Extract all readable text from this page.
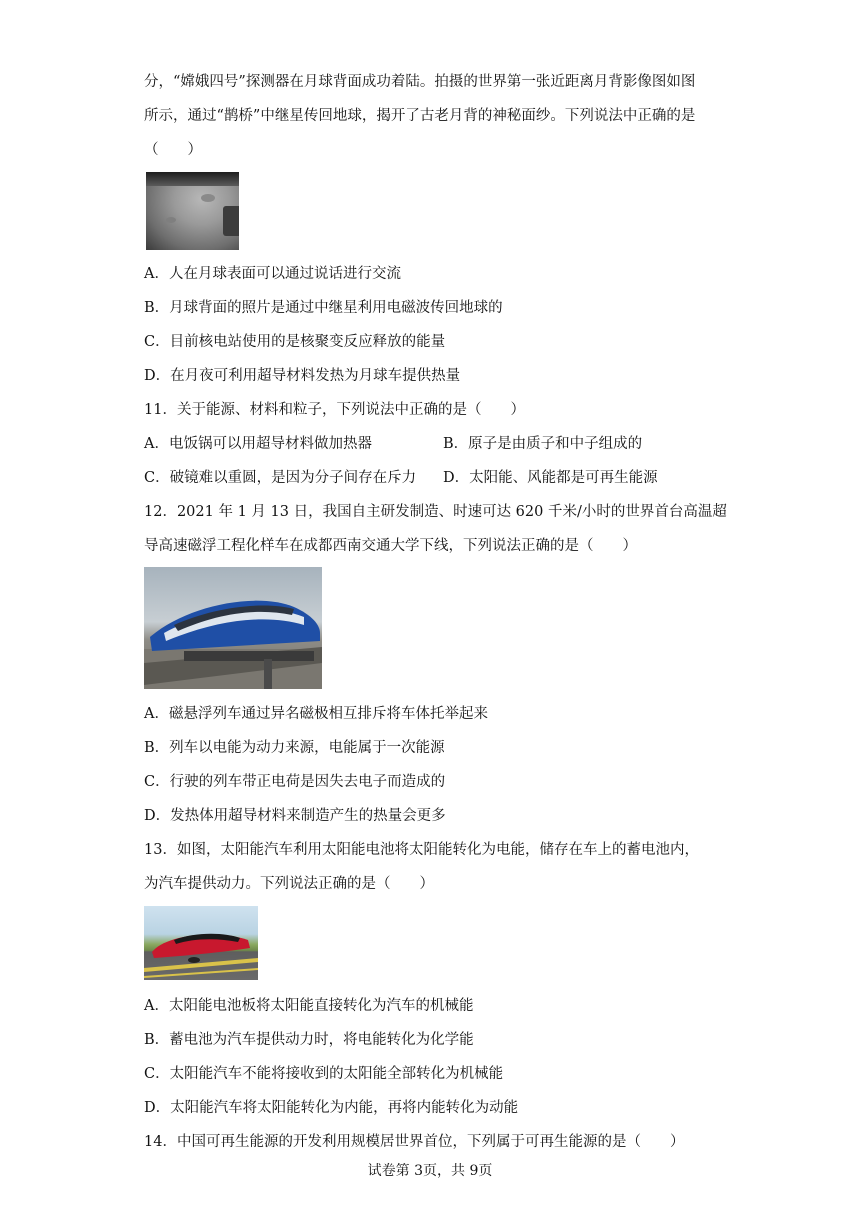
分，“嫦娥四号”探测器在月球背面成功着陆。拍摄的世界第一张近距离月背影像图如图
所示，通过“鹊桥”中继星传回地球，揭开了古老月背的神秘面纱。下列说法中正确的是
（　　）
A．人在月球表面可以通过说话进行交流
B．月球背面的照片是通过中继星利用电磁波传回地球的
C．目前核电站使用的是核聚变反应释放的能量
D．在月夜可利用超导材料发热为月球车提供热量
11．关于能源、材料和粒子，下列说法中正确的是（　　）
A．电饭锅可以用超导材料做加热器	B．原子是由质子和中子组成的
C．破镜难以重圆，是因为分子间存在斥力 D．太阳能、风能都是可再生能源
12．2021 年 1 月 13 日，我国自主研发制造、时速可达 620 千米/小时的世界首台高温超
导高速磁浮工程化样车在成都西南交通大学下线，下列说法正确的是（　　）
A．磁悬浮列车通过异名磁极相互排斥将车体托举起来
B．列车以电能为动力来源，电能属于一次能源
C．行驶的列车带正电荷是因失去电子而造成的
D．发热体用超导材料来制造产生的热量会更多
13．如图，太阳能汽车利用太阳能电池将太阳能转化为电能，储存在车上的蓄电池内，
为汽车提供动力。下列说法正确的是（　　）
A．太阳能电池板将太阳能直接转化为汽车的机械能
B．蓄电池为汽车提供动力时，将电能转化为化学能
C．太阳能汽车不能将接收到的太阳能全部转化为机械能
D．太阳能汽车将太阳能转化为内能，再将内能转化为动能
14．中国可再生能源的开发利用规模居世界首位，下列属于可再生能源的是（　　）
试卷第 3页，共 9页
